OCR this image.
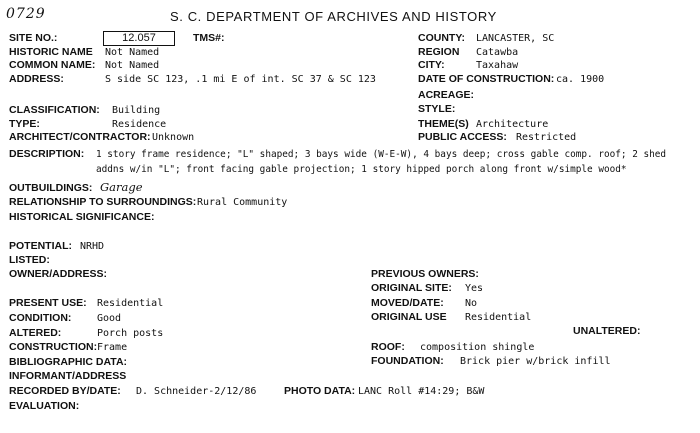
0729	S. C. DEPARTMENT OF ARCHIVES AND HISTORY
SITE NO.:	12.057	TMS#:
HISTORIC NAME Not Named
COMMON NAME: Not Named
ADDRESS:	S side SC 123, .1 mi E of int. SC 37 & SC 123
CLASSIFICATION: Building
TYPE:	Residence
ARCHITECT/CONTRACTOR: Unknown
DESCRIPTION: 1 story frame residence; "L" shaped; 3 bays wide (W-E-W), 4 bays deep; cross gable comp. roof; 2 shed
addns w/in "L"; front facing gable projection; 1 story hipped porch along front w/simple wood*
OUTBUILDINGS: Garage
RELATIONSHIP TO SURROUNDINGS: Rural Community
HISTORICAL SIGNIFICANCE:
POTENTIAL: NRHD
LISTED:
OWNER/ADDRESS:
PRESENT USE: Residential
CONDITION:	Good
ALTERED:	Porch posts
CONSTRUCTION: Frame
BIBLIOGRAPHIC DATA:
INFORMANT/ADDRESS
RECORDED BY/DATE: D. Schneider-2/12/86	PHOTO DATA: LANC Roll #14:29; B&W
EVALUATION:
COUNTY: LANCASTER, SC
REGION Catawba
CITY:	Taxahaw
DATE OF CONSTRUCTION: ca. 1900
ACREAGE:
STYLE:
THEME(S) Architecture
PUBLIC ACCESS: Restricted
PREVIOUS OWNERS:
ORIGINAL SITE: Yes
MOVED/DATE: No
ORIGINAL USE Residential
UNALTERED:
ROOF: composition shingle
FOUNDATION: Brick pier w/brick infill
